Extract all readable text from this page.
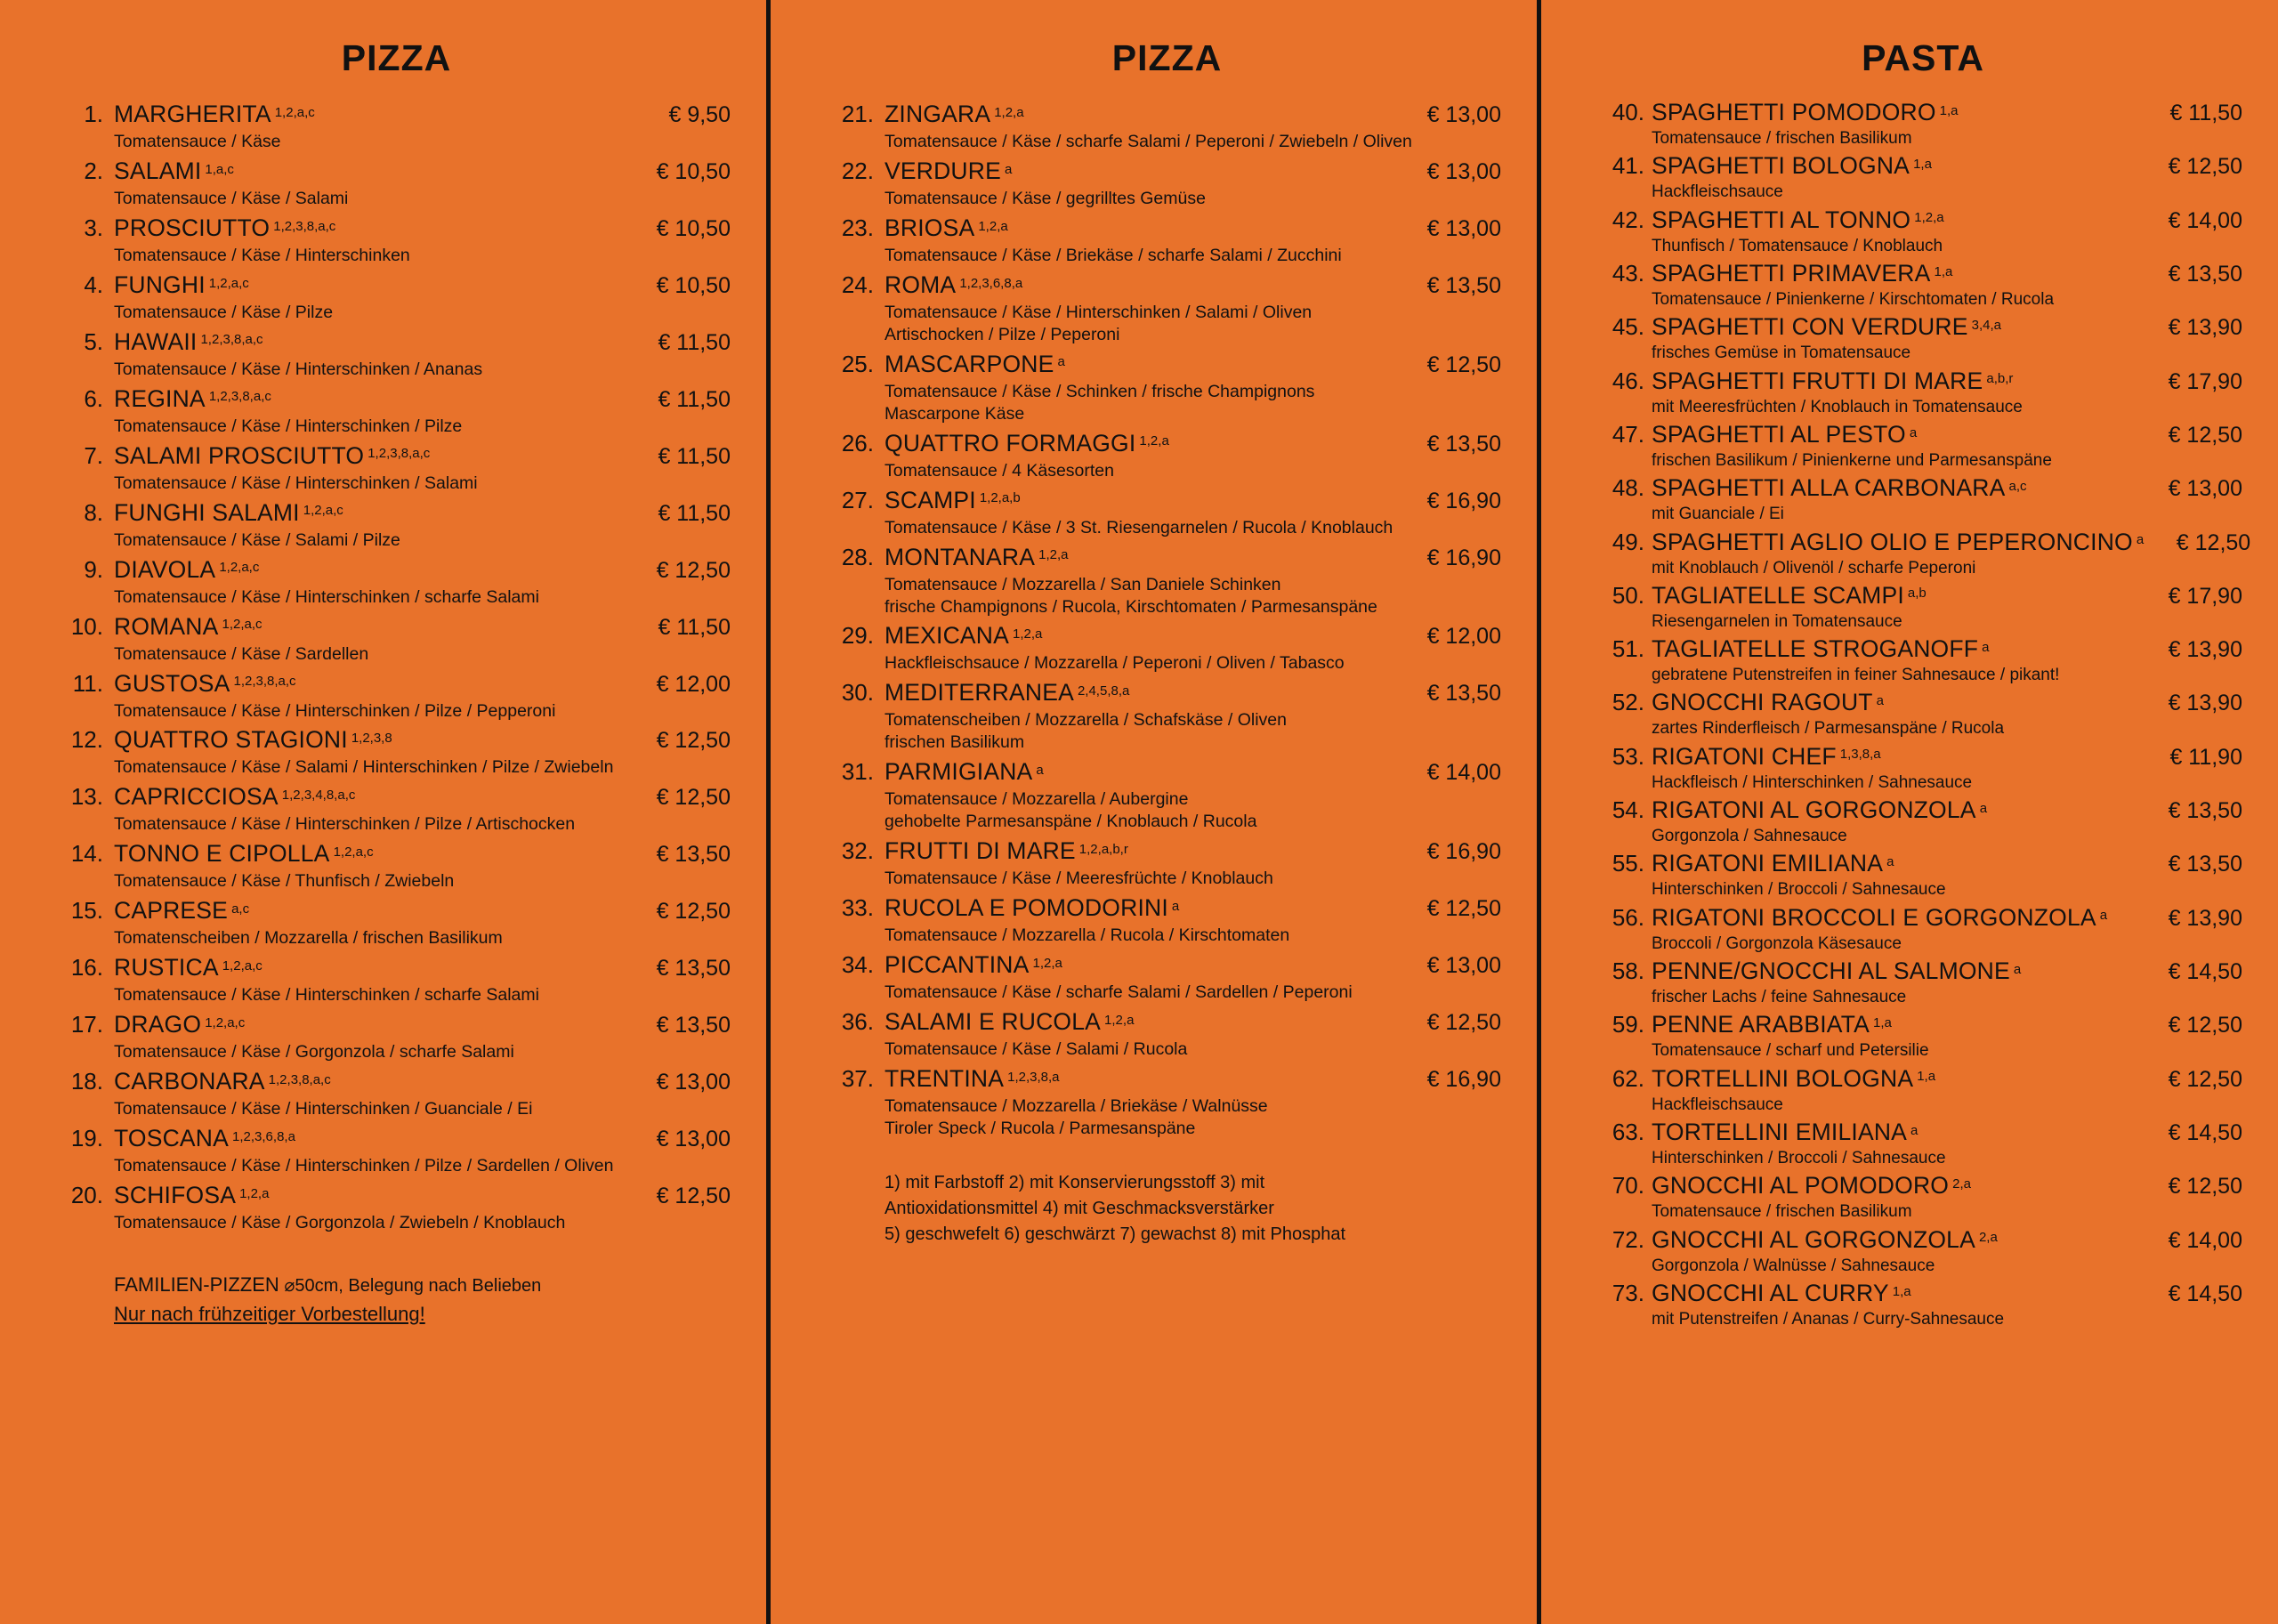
PIZZA
1. MARGHERITA 1,2,a,c	€ 9,50
Tomatensauce / Käse
2. SALAMI 1,a,c	€ 10,50
Tomatensauce / Käse / Salami
3. PROSCIUTTO 1,2,3,8,a,c	€ 10,50
Tomatensauce / Käse / Hinterschinken
4. FUNGHI 1,2,a,c	€ 10,50
Tomatensauce / Käse / Pilze
5. HAWAII 1,2,3,8,a,c	€ 11,50
Tomatensauce / Käse / Hinterschinken / Ananas
6. REGINA 1,2,3,8,a,c	€ 11,50
Tomatensauce / Käse / Hinterschinken / Pilze
7. SALAMI PROSCIUTTO 1,2,3,8,a,c	€ 11,50
Tomatensauce / Käse / Hinterschinken / Salami
8. FUNGHI SALAMI 1,2,a,c	€ 11,50
Tomatensauce / Käse / Salami / Pilze
9. DIAVOLA 1,2,a,c	€ 12,50
Tomatensauce / Käse / Hinterschinken / scharfe Salami
10. ROMANA 1,2,a,c	€ 11,50
Tomatensauce / Käse / Sardellen
11. GUSTOSA 1,2,3,8,a,c	€ 12,00
Tomatensauce / Käse / Hinterschinken / Pilze / Pepperoni
12. QUATTRO STAGIONI 1,2,3,8	€ 12,50
Tomatensauce / Käse / Salami / Hinterschinken / Pilze / Zwiebeln
13. CAPRICCIOSA 1,2,3,4,8,a,c	€ 12,50
Tomatensauce / Käse / Hinterschinken / Pilze / Artischocken
14. TONNO E CIPOLLA 1,2,a,c	€ 13,50
Tomatensauce / Käse / Thunfisch / Zwiebeln
15. CAPRESE a,c	€ 12,50
Tomatenscheiben / Mozzarella / frischen Basilikum
16. RUSTICA 1,2,a,c	€ 13,50
Tomatensauce / Käse / Hinterschinken / scharfe Salami
17. DRAGO 1,2,a,c	€ 13,50
Tomatensauce / Käse / Gorgonzola / scharfe Salami
18. CARBONARA 1,2,3,8,a,c	€ 13,00
Tomatensauce / Käse / Hinterschinken / Guanciale / Ei
19. TOSCANA 1,2,3,6,8,a	€ 13,00
Tomatensauce / Käse / Hinterschinken / Pilze / Sardellen / Oliven
20. SCHIFOSA 1,2,a	€ 12,50
Tomatensauce / Käse / Gorgonzola / Zwiebeln / Knoblauch
FAMILIEN-PIZZEN ⌀50cm, Belegung nach Belieben
Nur nach frühzeitiger Vorbestellung!
PIZZA
21. ZINGARA 1,2,a	€ 13,00
Tomatensauce / Käse / scharfe Salami / Peperoni / Zwiebeln / Oliven
22. VERDURE a	€ 13,00
Tomatensauce / Käse / gegrilltes Gemüse
23. BRIOSA 1,2,a	€ 13,00
Tomatensauce / Käse / Briekäse / scharfe Salami / Zucchini
24. ROMA 1,2,3,6,8,a	€ 13,50
Tomatensauce / Käse / Hinterschinken / Salami / Oliven
Artischocken / Pilze / Peperoni
25. MASCARPONE a	€ 12,50
Tomatensauce / Käse / Schinken / frische Champignons
Mascarpone Käse
26. QUATTRO FORMAGGI 1,2,a	€ 13,50
Tomatensauce / 4 Käsesorten
27. SCAMPI 1,2,a,b	€ 16,90
Tomatensauce / Käse / 3 St. Riesengarnelen / Rucola / Knoblauch
28. MONTANARA 1,2,a	€ 16,90
Tomatensauce / Mozzarella / San Daniele Schinken
frische Champignons / Rucola, Kirschtomaten / Parmesanspäne
29. MEXICANA 1,2,a	€ 12,00
Hackfleischsauce / Mozzarella / Peperoni / Oliven / Tabasco
30. MEDITERRANEA 2,4,5,8,a	€ 13,50
Tomatenscheiben / Mozzarella / Schafskäse / Oliven
frischen Basilikum
31. PARMIGIANA a	€ 14,00
Tomatensauce / Mozzarella / Aubergine
gehobelte Parmesanspäne / Knoblauch / Rucola
32. FRUTTI DI MARE 1,2,a,b,r	€ 16,90
Tomatensauce / Käse / Meeresfrüchte / Knoblauch
33. RUCOLA E POMODORINI a	€ 12,50
Tomatensauce / Mozzarella / Rucola / Kirschtomaten
34. PICCANTINA 1,2,a	€ 13,00
Tomatensauce / Käse / scharfe Salami / Sardellen / Peperoni
36. SALAMI E RUCOLA 1,2,a	€ 12,50
Tomatensauce / Käse / Salami / Rucola
37. TRENTINA 1,2,3,8,a	€ 16,90
Tomatensauce / Mozzarella / Briekäse / Walnüsse
Tiroler Speck / Rucola / Parmesanspäne
1) mit Farbstoff 2) mit Konservierungsstoff 3) mit
Antioxidationsmittel 4) mit Geschmacksverstärker
5) geschwefelt 6) geschwärzt 7) gewachst 8) mit Phosphat
PASTA
40. SPAGHETTI POMODORO 1,a	€ 11,50
Tomatensauce / frischen Basilikum
41. SPAGHETTI BOLOGNA 1,a	€ 12,50
Hackfleischsauce
42. SPAGHETTI AL TONNO 1,2,a	€ 14,00
Thunfisch / Tomatensauce / Knoblauch
43. SPAGHETTI PRIMAVERA 1,a	€ 13,50
Tomatensauce / Pinienkerne / Kirschtomaten / Rucola
45. SPAGHETTI CON VERDURE 3,4,a	€ 13,90
frisches Gemüse in Tomatensauce
46. SPAGHETTI FRUTTI DI MARE a,b,r	€ 17,90
mit Meeresfrüchten / Knoblauch in Tomatensauce
47. SPAGHETTI AL PESTO a	€ 12,50
frischen Basilikum / Pinienkerne und Parmesanspäne
48. SPAGHETTI ALLA CARBONARA a,c	€ 13,00
mit Guanciale / Ei
49. SPAGHETTI AGLIO OLIO E PEPERONCINO a	€ 12,50
mit Knoblauch / Olivenöl / scharfe Peperoni
50. TAGLIATELLE SCAMPI a,b	€ 17,90
Riesengarnelen in Tomatensauce
51. TAGLIATELLE STROGANOFF a	€ 13,90
gebratene Putenstreifen in feiner Sahnesauce / pikant!
52. GNOCCHI RAGOUT a	€ 13,90
zartes Rinderfleisch / Parmesanspäne / Rucola
53. RIGATONI CHEF 1,3,8,a	€ 11,90
Hackfleisch / Hinterschinken / Sahnesauce
54. RIGATONI AL GORGONZOLA a	€ 13,50
Gorgonzola / Sahnesauce
55. RIGATONI EMILIANA a	€ 13,50
Hinterschinken / Broccoli / Sahnesauce
56. RIGATONI BROCCOLI E GORGONZOLA a	€ 13,90
Broccoli / Gorgonzola Käsesauce
58. PENNE/GNOCCHI AL SALMONE a	€ 14,50
frischer Lachs / feine Sahnesauce
59. PENNE ARABBIATA 1,a	€ 12,50
Tomatensauce / scharf und Petersilie
62. TORTELLINI BOLOGNA 1,a	€ 12,50
Hackfleischsauce
63. TORTELLINI EMILIANA a	€ 14,50
Hinterschinken / Broccoli / Sahnesauce
70. GNOCCHI AL POMODORO 2,a	€ 12,50
Tomatensauce / frischen Basilikum
72. GNOCCHI AL GORGONZOLA 2,a	€ 14,00
Gorgonzola / Walnüsse / Sahnesauce
73. GNOCCHI AL CURRY 1,a	€ 14,50
mit Putenstreifen / Ananas / Curry-Sahnesauce
